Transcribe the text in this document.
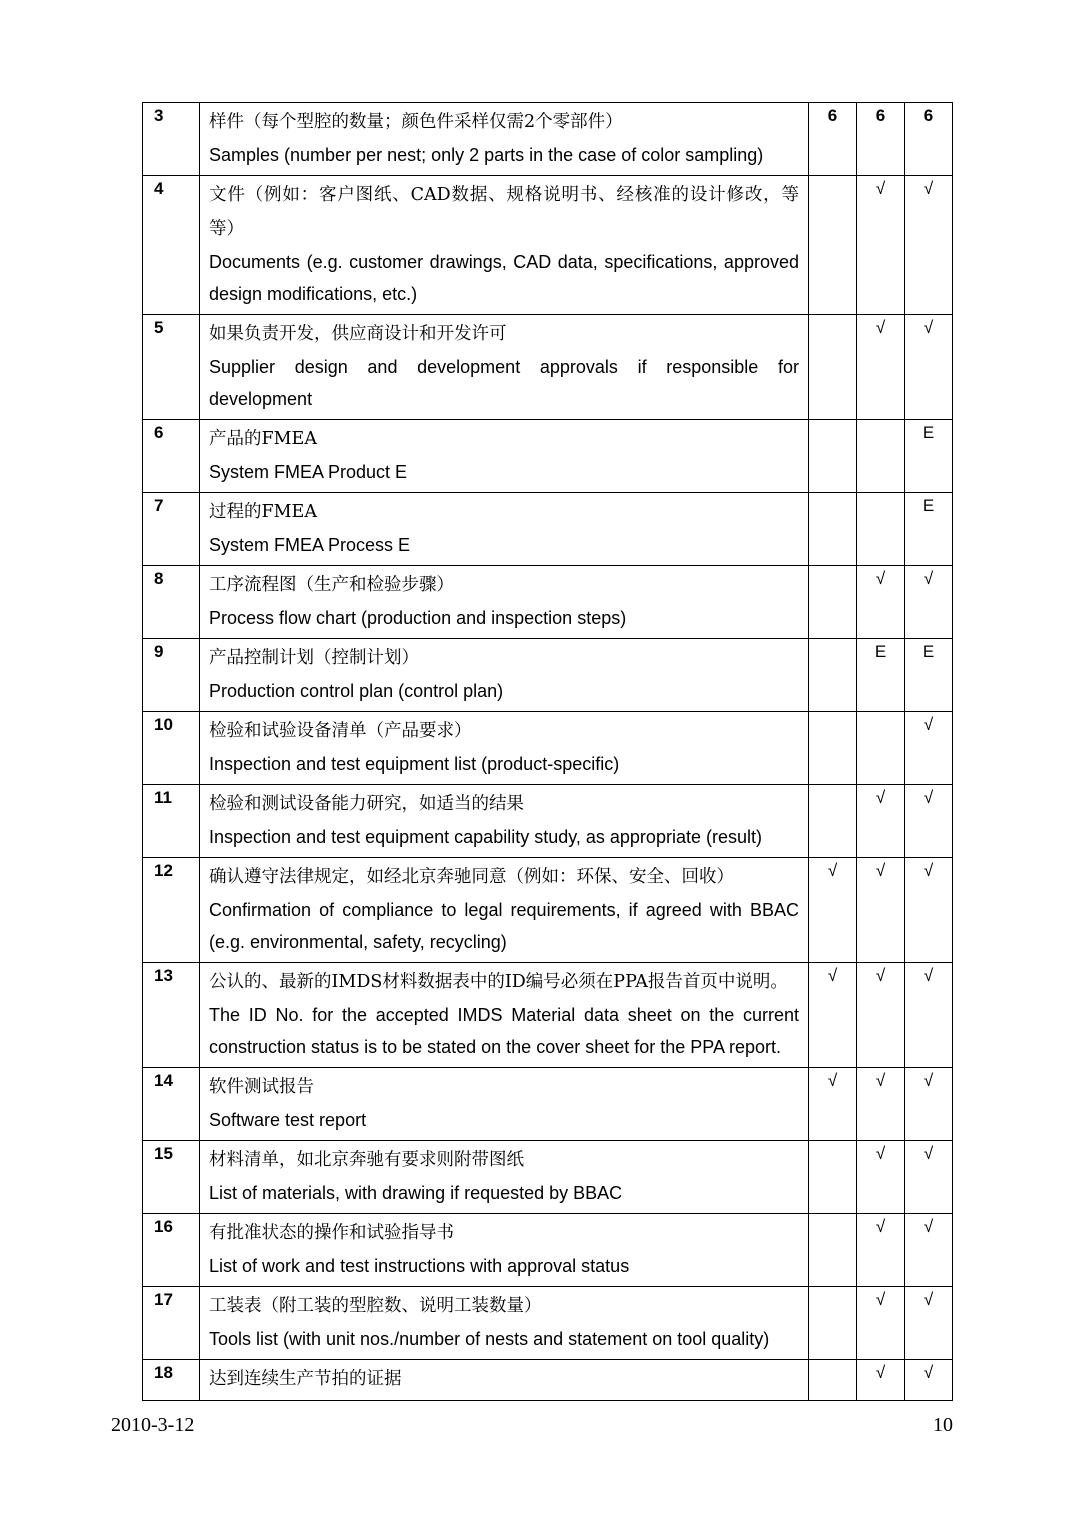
3	样件（每个型腔的数量；颜色件采样仅需2个零部件）

Samples (number per nest; only 2 parts in the case of color sampling)	6	6	6

4	文件（例如：客户图纸、CAD数据、规格说明书、经核准的设计修改，等等）

Documents (e.g. customer drawings, CAD data, specifications, approved design modifications, etc.)		√	√

5	如果负责开发，供应商设计和开发许可

Supplier design and development approvals if responsible for development		√	√

6	产品的FMEA

System FMEA Product E			E

7	过程的FMEA

System FMEA Process E			E

8	工序流程图（生产和检验步骤）

Process flow chart (production and inspection steps)		√	√

9	产品控制计划（控制计划）

Production control plan (control plan)		E	E

10	检验和试验设备清单（产品要求）

Inspection and test equipment list (product-specific)			√

11	检验和测试设备能力研究，如适当的结果

Inspection and test equipment capability study, as appropriate (result)		√	√

12	确认遵守法律规定，如经北京奔驰同意（例如：环保、安全、回收）

Confirmation of compliance to legal requirements, if agreed with BBAC (e.g. environmental, safety, recycling)	√	√	√

13	公认的、最新的IMDS材料数据表中的ID编号必须在PPA报告首页中说明。

The ID No. for the accepted IMDS Material data sheet on the current construction status is to be stated on the cover sheet for the PPA report.	√	√	√

14	软件测试报告

Software test report	√	√	√

15	材料清单，如北京奔驰有要求则附带图纸

List of materials, with drawing if requested by BBAC		√	√

16	有批准状态的操作和试验指导书

List of work and test instructions with approval status		√	√

17	工装表（附工装的型腔数、说明工装数量）

Tools list (with unit nos./number of nests and statement on tool quality)		√	√

18	达到连续生产节拍的证据		√	√
2010-3-12	10
